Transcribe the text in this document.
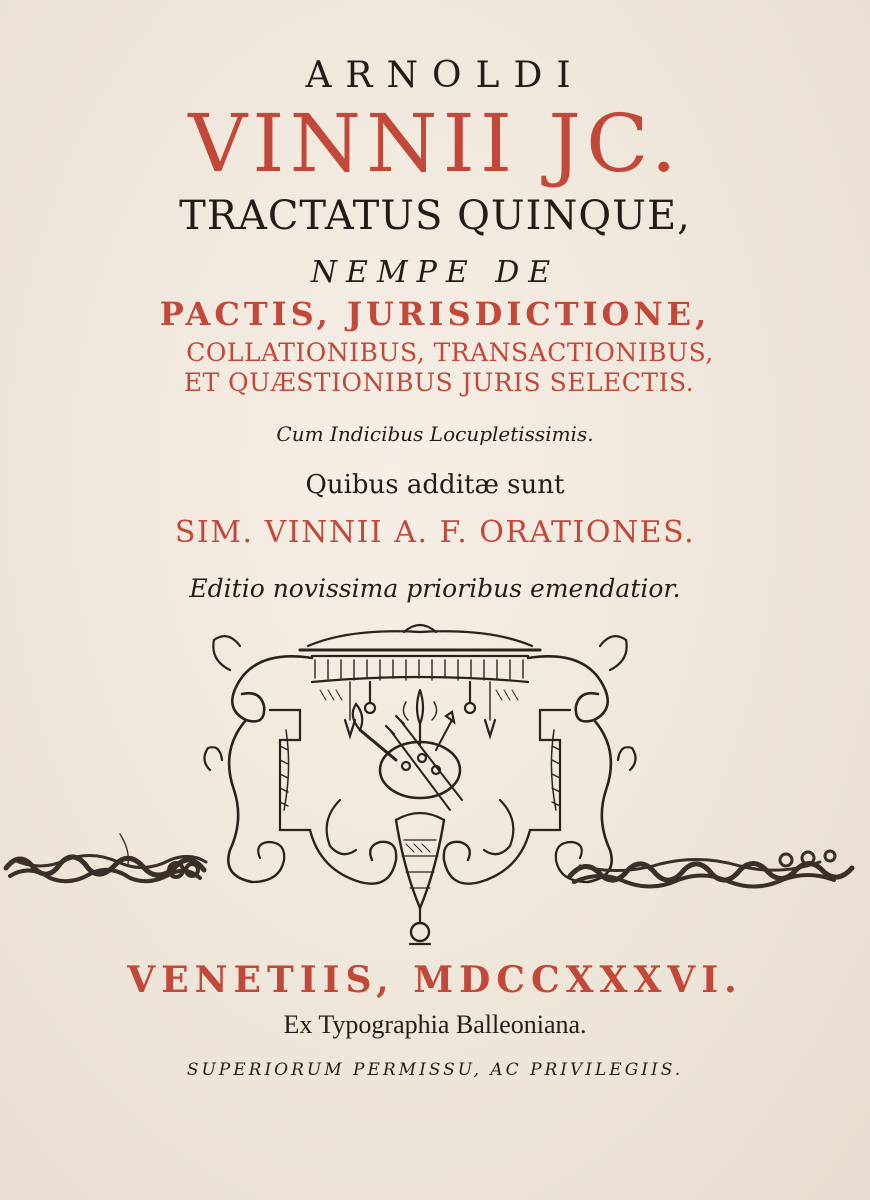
ARNOLDI

VINNII JC.

TRACTATUS QUINQUE,

NEMPE DE

PACTIS, JURISDICTIONE,

COLLATIONIBUS, TRANSACTIONIBUS,

ET QUÆSTIONIBUS JURIS SELECTIS.

Cum Indicibus Locupletissimis.

Quibus additæ sunt

SIM. VINNII A. F. ORATIONES.

Editio novissima prioribus emendatior.

VENETIIS, MDCCXXXVI.

Ex Typographia Balleoniana.

SUPERIORUM PERMISSU, AC PRIVILEGIIS.
